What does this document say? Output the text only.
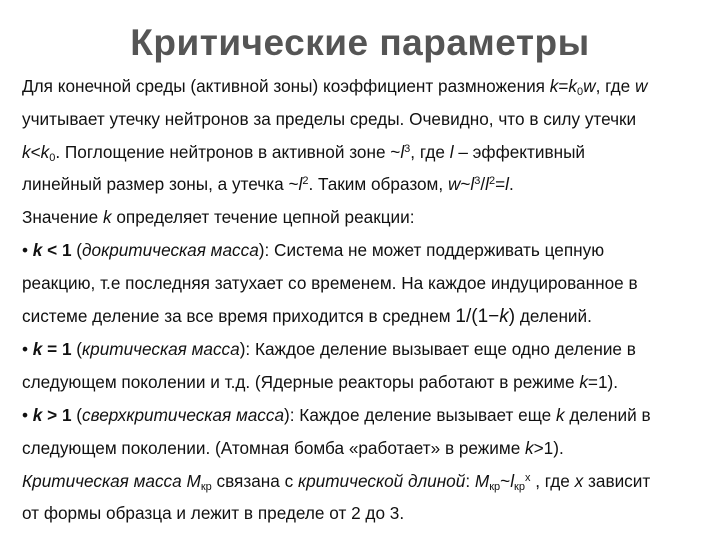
Критические параметры
Для конечной среды (активной зоны) коэффициент размножения $k=k_0w$, где w
учитывает утечку нейтронов за пределы среды. Очевидно, что в силу утечки
$k<k_0$. Поглощение нейтронов в активной зоне $\sim l^3$, где l – эффективный
линейный размер зоны, а утечка $\sim l^2$. Таким образом, $w\sim l^3/l^2=l$.
Значение k определяет течение цепной реакции:
• k < 1 (докритическая масса): Система не может поддерживать цепную
реакцию, т.е последняя затухает со временем. На каждое индуцированное в
системе деление за все время приходится в среднем 1/(1−k) делений.
• k = 1 (критическая масса): Каждое деление вызывает еще одно деление в
следующем поколении и т.д. (Ядерные реакторы работают в режиме k=1).
• k > 1 (сверхкритическая масса): Каждое деление вызывает еще k делений в
следующем поколении. (Атомная бомба «работает» в режиме k>1).
Критическая масса $M_{кр}$ связана с критической длиной: $M_{кр}\sim l_{кр}^x$ , где x зависит
от формы образца и лежит в пределе от 2 до 3.
